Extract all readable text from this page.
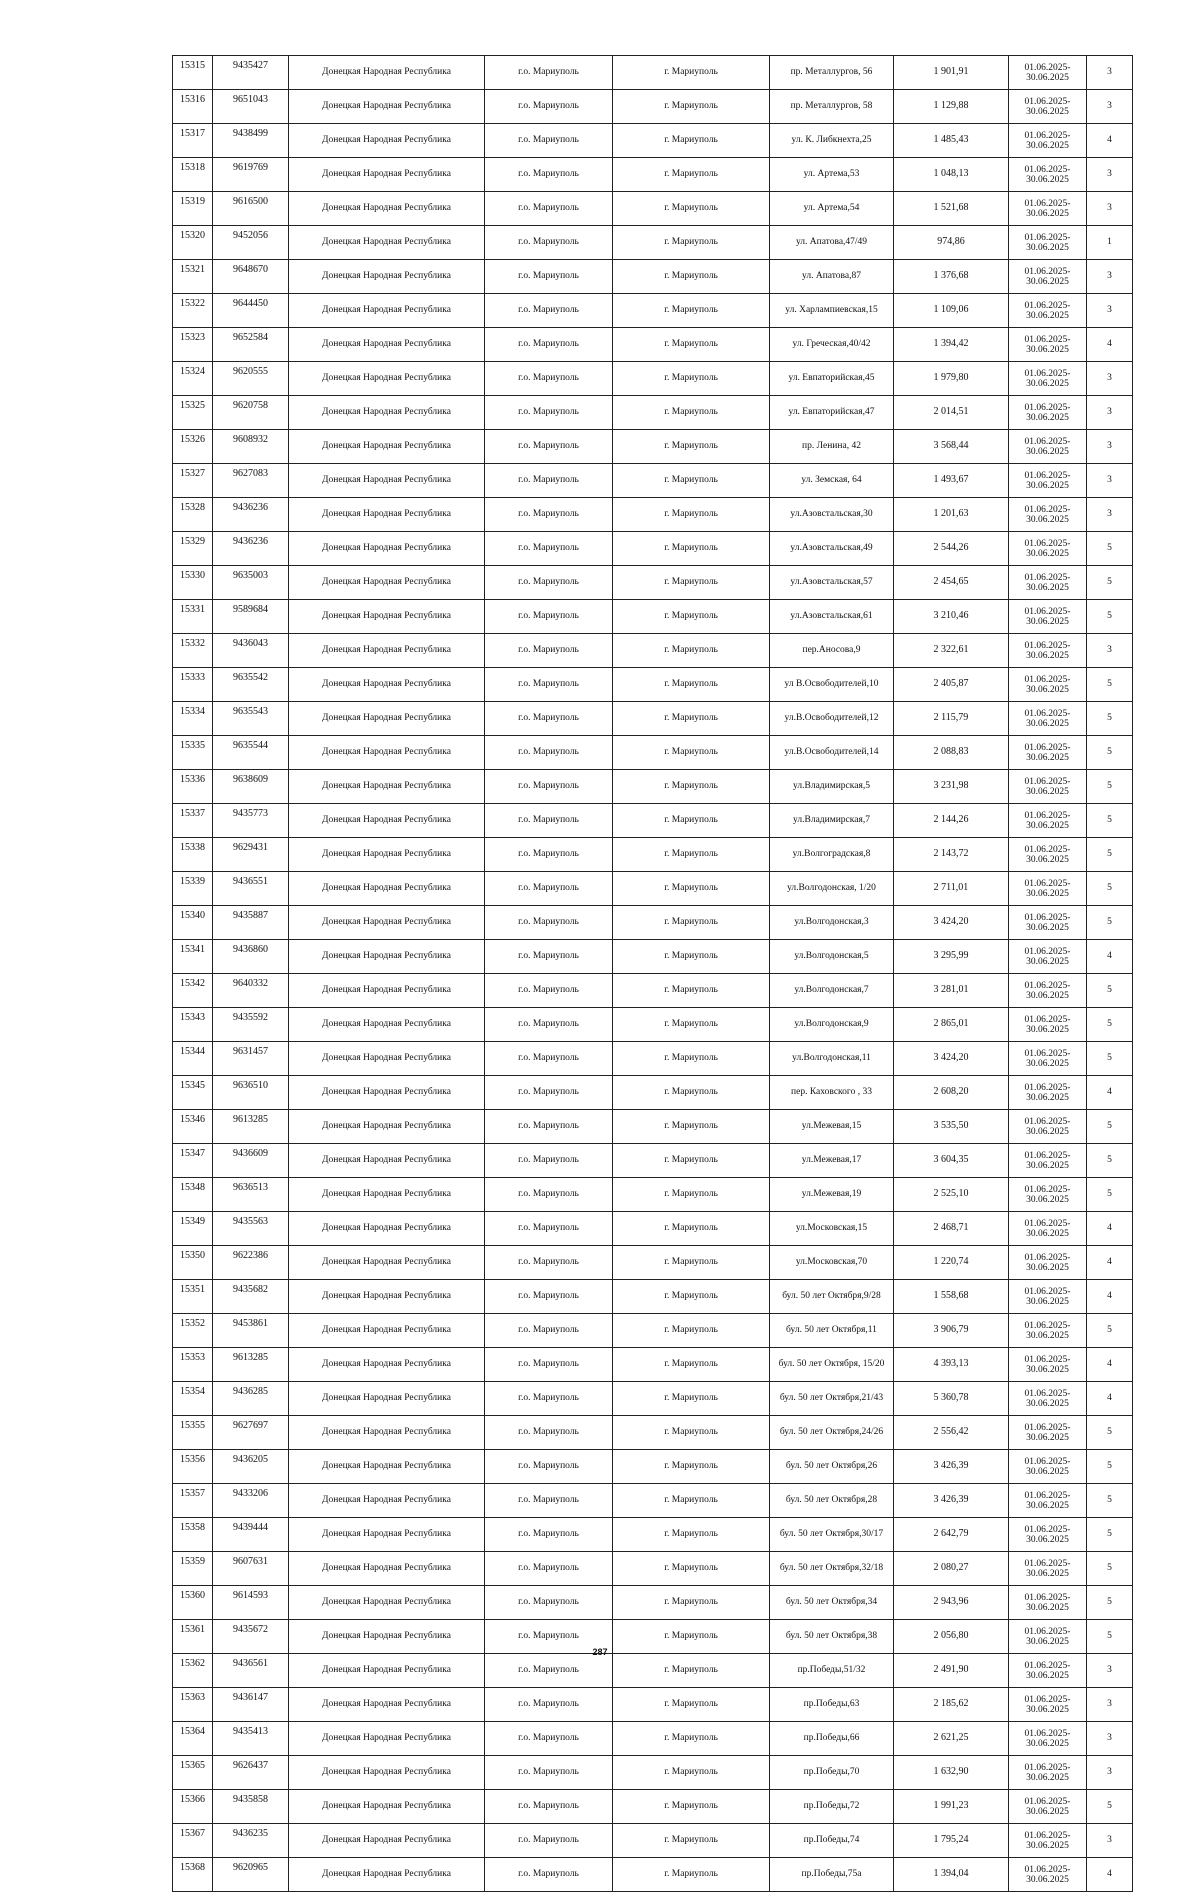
15315	9435427	Донецкая Народная Республика	г.о. Мариуполь	г. Мариуполь	пр. Металлургов, 56	1 901,91	01.06.2025-30.06.2025	3
15316	9651043	Донецкая Народная Республика	г.о. Мариуполь	г. Мариуполь	пр. Металлургов, 58	1 129,88	01.06.2025-30.06.2025	3
15317	9438499	Донецкая Народная Республика	г.о. Мариуполь	г. Мариуполь	ул. К. Либкнехта,25	1 485,43	01.06.2025-30.06.2025	4
15318	9619769	Донецкая Народная Республика	г.о. Мариуполь	г. Мариуполь	ул. Артема,53	1 048,13	01.06.2025-30.06.2025	3
15319	9616500	Донецкая Народная Республика	г.о. Мариуполь	г. Мариуполь	ул. Артема,54	1 521,68	01.06.2025-30.06.2025	3
15320	9452056	Донецкая Народная Республика	г.о. Мариуполь	г. Мариуполь	ул. Апатова,47/49	974,86	01.06.2025-30.06.2025	1
15321	9648670	Донецкая Народная Республика	г.о. Мариуполь	г. Мариуполь	ул. Апатова,87	1 376,68	01.06.2025-30.06.2025	3
15322	9644450	Донецкая Народная Республика	г.о. Мариуполь	г. Мариуполь	ул. Харлампиевская,15	1 109,06	01.06.2025-30.06.2025	3
15323	9652584	Донецкая Народная Республика	г.о. Мариуполь	г. Мариуполь	ул. Греческая,40/42	1 394,42	01.06.2025-30.06.2025	4
15324	9620555	Донецкая Народная Республика	г.о. Мариуполь	г. Мариуполь	ул. Евпаторийская,45	1 979,80	01.06.2025-30.06.2025	3
15325	9620758	Донецкая Народная Республика	г.о. Мариуполь	г. Мариуполь	ул. Евпаторийская,47	2 014,51	01.06.2025-30.06.2025	3
15326	9608932	Донецкая Народная Республика	г.о. Мариуполь	г. Мариуполь	пр. Ленина, 42	3 568,44	01.06.2025-30.06.2025	3
15327	9627083	Донецкая Народная Республика	г.о. Мариуполь	г. Мариуполь	ул. Земская, 64	1 493,67	01.06.2025-30.06.2025	3
15328	9436236	Донецкая Народная Республика	г.о. Мариуполь	г. Мариуполь	ул.Азовстальская,30	1 201,63	01.06.2025-30.06.2025	3
15329	9436236	Донецкая Народная Республика	г.о. Мариуполь	г. Мариуполь	ул.Азовстальская,49	2 544,26	01.06.2025-30.06.2025	5
15330	9635003	Донецкая Народная Республика	г.о. Мариуполь	г. Мариуполь	ул.Азовстальская,57	2 454,65	01.06.2025-30.06.2025	5
15331	9589684	Донецкая Народная Республика	г.о. Мариуполь	г. Мариуполь	ул.Азовстальская,61	3 210,46	01.06.2025-30.06.2025	5
15332	9436043	Донецкая Народная Республика	г.о. Мариуполь	г. Мариуполь	пер.Аносова,9	2 322,61	01.06.2025-30.06.2025	3
15333	9635542	Донецкая Народная Республика	г.о. Мариуполь	г. Мариуполь	ул В.Освободителей,10	2 405,87	01.06.2025-30.06.2025	5
15334	9635543	Донецкая Народная Республика	г.о. Мариуполь	г. Мариуполь	ул.В.Освободителей,12	2 115,79	01.06.2025-30.06.2025	5
15335	9635544	Донецкая Народная Республика	г.о. Мариуполь	г. Мариуполь	ул.В.Освободителей,14	2 088,83	01.06.2025-30.06.2025	5
15336	9638609	Донецкая Народная Республика	г.о. Мариуполь	г. Мариуполь	ул.Владимирская,5	3 231,98	01.06.2025-30.06.2025	5
15337	9435773	Донецкая Народная Республика	г.о. Мариуполь	г. Мариуполь	ул.Владимирская,7	2 144,26	01.06.2025-30.06.2025	5
15338	9629431	Донецкая Народная Республика	г.о. Мариуполь	г. Мариуполь	ул.Волгоградская,8	2 143,72	01.06.2025-30.06.2025	5
15339	9436551	Донецкая Народная Республика	г.о. Мариуполь	г. Мариуполь	ул.Волгодонская, 1/20	2 711,01	01.06.2025-30.06.2025	5
15340	9435887	Донецкая Народная Республика	г.о. Мариуполь	г. Мариуполь	ул.Волгодонская,3	3 424,20	01.06.2025-30.06.2025	5
15341	9436860	Донецкая Народная Республика	г.о. Мариуполь	г. Мариуполь	ул.Волгодонская,5	3 295,99	01.06.2025-30.06.2025	4
15342	9640332	Донецкая Народная Республика	г.о. Мариуполь	г. Мариуполь	ул.Волгодонская,7	3 281,01	01.06.2025-30.06.2025	5
15343	9435592	Донецкая Народная Республика	г.о. Мариуполь	г. Мариуполь	ул.Волгодонская,9	2 865,01	01.06.2025-30.06.2025	5
15344	9631457	Донецкая Народная Республика	г.о. Мариуполь	г. Мариуполь	ул.Волгодонская,11	3 424,20	01.06.2025-30.06.2025	5
15345	9636510	Донецкая Народная Республика	г.о. Мариуполь	г. Мариуполь	пер. Каховского , 33	2 608,20	01.06.2025-30.06.2025	4
15346	9613285	Донецкая Народная Республика	г.о. Мариуполь	г. Мариуполь	ул.Межевая,15	3 535,50	01.06.2025-30.06.2025	5
15347	9436609	Донецкая Народная Республика	г.о. Мариуполь	г. Мариуполь	ул.Межевая,17	3 604,35	01.06.2025-30.06.2025	5
15348	9636513	Донецкая Народная Республика	г.о. Мариуполь	г. Мариуполь	ул.Межевая,19	2 525,10	01.06.2025-30.06.2025	5
15349	9435563	Донецкая Народная Республика	г.о. Мариуполь	г. Мариуполь	ул.Московская,15	2 468,71	01.06.2025-30.06.2025	4
15350	9622386	Донецкая Народная Республика	г.о. Мариуполь	г. Мариуполь	ул.Московская,70	1 220,74	01.06.2025-30.06.2025	4
15351	9435682	Донецкая Народная Республика	г.о. Мариуполь	г. Мариуполь	бул. 50 лет Октября,9/28	1 558,68	01.06.2025-30.06.2025	4
15352	9453861	Донецкая Народная Республика	г.о. Мариуполь	г. Мариуполь	бул. 50 лет Октября,11	3 906,79	01.06.2025-30.06.2025	5
15353	9613285	Донецкая Народная Республика	г.о. Мариуполь	г. Мариуполь	бул. 50 лет Октября, 15/20	4 393,13	01.06.2025-30.06.2025	4
15354	9436285	Донецкая Народная Республика	г.о. Мариуполь	г. Мариуполь	бул. 50 лет Октября,21/43	5 360,78	01.06.2025-30.06.2025	4
15355	9627697	Донецкая Народная Республика	г.о. Мариуполь	г. Мариуполь	бул. 50 лет Октября,24/26	2 556,42	01.06.2025-30.06.2025	5
15356	9436205	Донецкая Народная Республика	г.о. Мариуполь	г. Мариуполь	бул. 50 лет Октября,26	3 426,39	01.06.2025-30.06.2025	5
15357	9433206	Донецкая Народная Республика	г.о. Мариуполь	г. Мариуполь	бул. 50 лет Октября,28	3 426,39	01.06.2025-30.06.2025	5
15358	9439444	Донецкая Народная Республика	г.о. Мариуполь	г. Мариуполь	бул. 50 лет Октября,30/17	2 642,79	01.06.2025-30.06.2025	5
15359	9607631	Донецкая Народная Республика	г.о. Мариуполь	г. Мариуполь	бул. 50 лет Октября,32/18	2 080,27	01.06.2025-30.06.2025	5
15360	9614593	Донецкая Народная Республика	г.о. Мариуполь	г. Мариуполь	бул. 50 лет Октября,34	2 943,96	01.06.2025-30.06.2025	5
15361	9435672	Донецкая Народная Республика	г.о. Мариуполь	г. Мариуполь	бул. 50 лет Октября,38	2 056,80	01.06.2025-30.06.2025	5
15362	9436561	Донецкая Народная Республика	г.о. Мариуполь	г. Мариуполь	пр.Победы,51/32	2 491,90	01.06.2025-30.06.2025	3
15363	9436147	Донецкая Народная Республика	г.о. Мариуполь	г. Мариуполь	пр.Победы,63	2 185,62	01.06.2025-30.06.2025	3
15364	9435413	Донецкая Народная Республика	г.о. Мариуполь	г. Мариуполь	пр.Победы,66	2 621,25	01.06.2025-30.06.2025	3
15365	9626437	Донецкая Народная Республика	г.о. Мариуполь	г. Мариуполь	пр.Победы,70	1 632,90	01.06.2025-30.06.2025	3
15366	9435858	Донецкая Народная Республика	г.о. Мариуполь	г. Мариуполь	пр.Победы,72	1 991,23	01.06.2025-30.06.2025	5
15367	9436235	Донецкая Народная Республика	г.о. Мариуполь	г. Мариуполь	пр.Победы,74	1 795,24	01.06.2025-30.06.2025	3
15368	9620965	Донецкая Народная Республика	г.о. Мариуполь	г. Мариуполь	пр.Победы,75а	1 394,04	01.06.2025-30.06.2025	4
287
